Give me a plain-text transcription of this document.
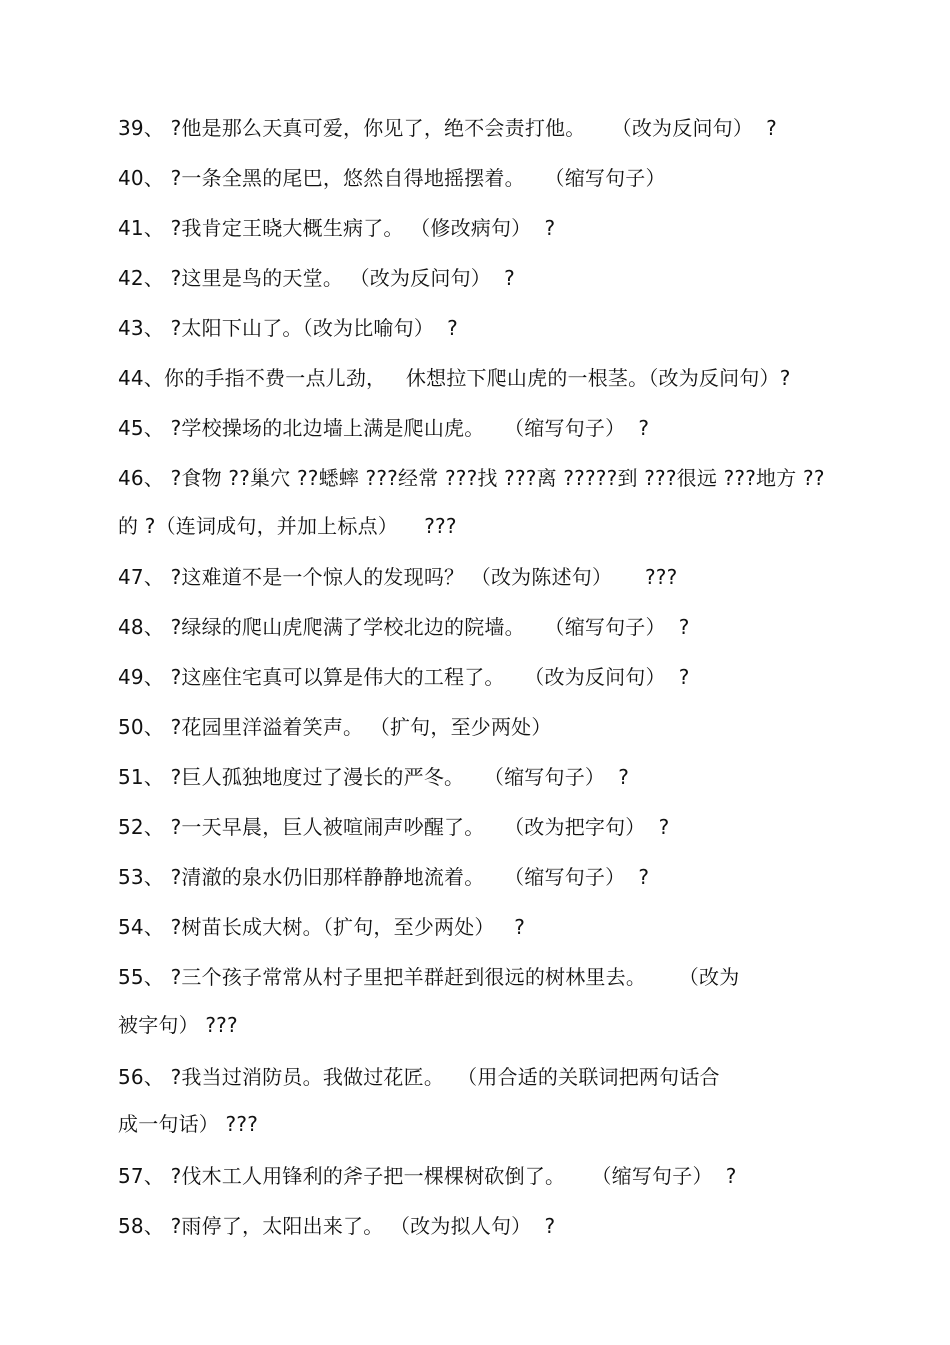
39、 ?他是那么天真可爱，你见了，绝不会责打他。    （改为反问句）  ?
40、 ?一条全黑的尾巴，悠然自得地摇摆着。   （缩写句子）
41、 ?我肯定王晓大概生病了。 （修改病句）  ?
42、 ?这里是鸟的天堂。 （改为反问句）  ?
43、 ?太阳下山了。（改为比喻句）  ?
44、你的手指不费一点儿劲，   休想拉下爬山虎的一根茎。（改为反问句）?
45、 ?学校操场的北边墙上满是爬山虎。   （缩写句子）  ?
46、 ?食物 ??巢穴 ??蟋蟀 ???经常 ???找 ???离 ?????到 ???很远 ???地方 ??
的 ?（连词成句，并加上标点）    ???
47、 ?这难道不是一个惊人的发现吗？ （改为陈述句）     ???
48、 ?绿绿的爬山虎爬满了学校北边的院墙。   （缩写句子）  ?
49、 ?这座住宅真可以算是伟大的工程了。   （改为反问句）  ?
50、 ?花园里洋溢着笑声。 （扩句，至少两处）
51、 ?巨人孤独地度过了漫长的严冬。   （缩写句子）  ?
52、 ?一天早晨，巨人被喧闹声吵醒了。   （改为把字句）  ?
53、 ?清澈的泉水仍旧那样静静地流着。   （缩写句子）  ?
54、 ?树苗长成大树。（扩句，至少两处）   ?
55、 ?三个孩子常常从村子里把羊群赶到很远的树林里去。     （改为
被字句） ???
56、 ?我当过消防员。我做过花匠。  （用合适的关联词把两句话合
成一句话） ???
57、 ?伐木工人用锋利的斧子把一棵棵树砍倒了。    （缩写句子）  ?
58、 ?雨停了，太阳出来了。 （改为拟人句）  ?
